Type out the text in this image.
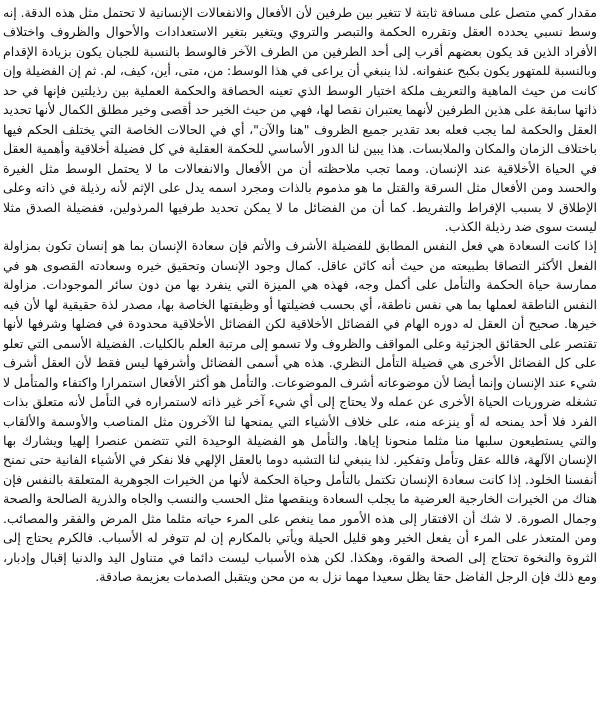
مقدار كمي متصل على مسافة ثابتة لا تتغير بين طرفين لأن الأفعال والانفعالات الإنسانية لا تحتمل مثل هذه الدقة. إنه وسط نسبي يحدده العقل وتقرره الحكمة والتبصر والتروي ويتغير بتغير الاستعدادات والأحوال والظروف واختلاف الأفراد الذين قد يكون بعضهم أقرب إلى أحد الطرفين من الطرف الآخر فالوسط بالنسبة للجبان يكون بزيادة الإقدام وبالنسبة للمتهور يكون بكبح عنفوانه. لذا ينبغي أن يراعى في هذا الوسط: من، متى، أين، كيف، لم. ثم إن الفضيلة وإن كانت من حيث الماهية والتعريف ملكة اختيار الوسط الذي تعينه الحصافة والحكمة العملية بين رذيلتين فإنها في حد ذاتها سابقة على هذين الطرفين لأنهما يعتبران نقصا لها، فهي من حيث الخير حد أقصى وخير مطلق الكمال لأنها تحديد العقل والحكمة لما يجب فعله بعد تقدير جميع الظروف "هنا والآن"، أي في الحالات الخاصة التي يختلف الحكم فيها باختلاف الزمان والمكان والملابسات. هذا يبين لنا الدور الأساسي للحكمة العقلية في كل فضيلة أخلاقية وأهمية العقل في الحياة الأخلاقية عند الإنسان. ومما تجب ملاحظته أن من الأفعال والانفعالات ما لا يحتمل الوسط مثل الغيرة والحسد ومن الأفعال مثل السرقة والقتل ما هو مذموم بالذات ومجرد اسمه يدل على الإثم لأنه رذيلة في ذاته وعلى الإطلاق لا بسبب الإفراط والتفريط. كما أن من الفضائل ما لا يمكن تحديد طرفيها المرذولين، ففضيلة الصدق مثلا ليست سوى ضد رذيلة الكذب.

إذا كانت السعادة هي فعل النفس المطابق للفضيلة الأشرف والأتم فإن سعادة الإنسان بما هو إنسان تكون بمزاولة الفعل الأكثر التصاقا بطبيعته من حيث أنه كائن عاقل. كمال وجود الإنسان وتحقيق خيره وسعادته القصوى هو في ممارسة حياة الحكمة والتأمل على أكمل وجه، فهذه هي الميزة التي ينفرد بها من دون سائر الموجودات. مزاولة النفس الناطقة لعملها بما هي نفس ناطقة، أي بحسب فضيلتها أو وظيفتها الخاصة بها، مصدر لذة حقيقية لها لأن فيه خيرها. صحيح أن العقل له دوره الهام في الفضائل الأخلاقية لكن الفضائل الأخلاقية محدودة في فضلها وشرفها لأنها تقتصر على الحقائق الجزئية وعلى المواقف والظروف ولا تسمو إلى مرتبة العلم بالكليات. الفضيلة الأسمى التي تعلو على كل الفضائل الأخرى هي فضيلة التأمل النظري. هذه هي أسمى الفضائل وأشرفها ليس فقط لأن العقل أشرف شيء عند الإنسان وإنما أيضا لأن موضوعاته أشرف الموضوعات. والتأمل هو أكثر الأفعال استمرارا واكتفاء والمتأمل لا تشغله ضروريات الحياة الأخرى عن عمله ولا يحتاج إلى أي شيء آخر غير ذاته لاستمراره في التأمل لأنه متعلق بذات الفرد فلا أحد يمنحه له أو ينزعه منه، على خلاف الأشياء التي يمنحها لنا الآخرون مثل المناصب والأوسمة والألقاب والتي يستطيعون سلبها منا مثلما منحونا إياها. والتأمل هو الفضيلة الوحيدة التي تتضمن عنصرا إلهيا ويشارك بها الإنسان الآلهة، فالله عقل وتأمل وتفكير. لذا ينبغي لنا التشبه دوما بالعقل الإلهي فلا نفكر في الأشياء الفانية حتى نمنح أنفسنا الخلود. إذا كانت سعادة الإنسان تكتمل بالتأمل وحياة الحكمة لأنها من الخيرات الجوهرية المتعلقة بالنفس فإن هناك من الخيرات الخارجية العرضية ما يجلب السعادة وينقصها مثل الحسب والنسب والجاه والذرية الصالحة والصحة وجمال الصورة. لا شك أن الافتقار إلى هذه الأمور مما ينغص على المرء حياته مثلما مثل المرض والفقر والمصائب. ومن المتعذر على المرء أن يفعل الخير وهو قليل الحيلة ويأتي بالمكارم إن لم تتوفر له الأسباب. فالكرم يحتاج إلى الثروة والنخوة تحتاج إلى الصحة والقوة، وهكذا. لكن هذه الأسباب ليست دائما في متناول اليد والدنيا إقبال وإدبار، ومع ذلك فإن الرجل الفاضل حقا يظل سعيدا مهما نزل به من محن ويتقبل الصدمات بعزيمة صادقة.
